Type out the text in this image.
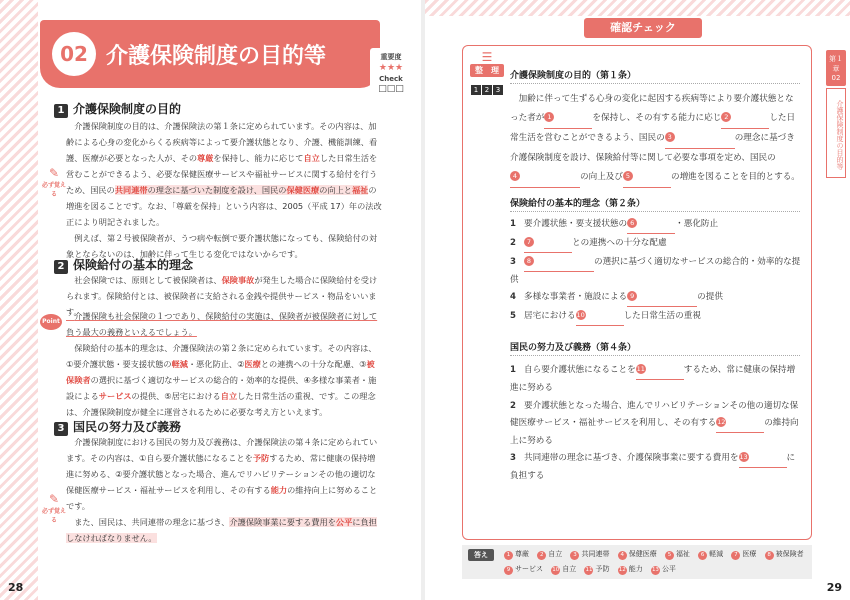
02 介護保険制度の目的等	重要度
★★★
Check
□□□
1 介護保険制度の目的
　介護保険制度の目的は、介護保険法の第１条に定められています。その内容は、加齢による心身の変化からくる疾病等によって要介護状態となり、介護、機能訓練、看護、医療が必要となった人が、その尊厳を保持し、能力に応じて自立した日常生活を営むことができるよう、必要な保健医療サービスや福祉サービスに関する給付を行うため、国民の共同連帯の理念に基づいた制度を設け、国民の保健医療の向上と福祉の増進を図ることです。なお、「尊厳を保持」という内容は、2005（平成 17）年の法改正により明記されました。
✎
必ず覚える
　例えば、第２号被保険者が、うつ病や転倒で要介護状態になっても、保険給付の対象とならないのは、加齢に伴って生じる変化ではないからです。
2 保険給付の基本的理念
　社会保険では、原則として被保険者は、保険事故が発生した場合に保険給付を受けられます。保険給付とは、被保険者に支給される金銭や提供サービス・物品をいいます。
Point
　介護保険も社会保険の１つであり、保険給付の実施は、保険者が被保険者に対して負う最大の義務といえるでしょう。
　保険給付の基本的理念は、介護保険法の第２条に定められています。その内容は、①要介護状態・要支援状態の軽減・悪化防止、②医療との連携への十分な配慮、③被保険者の選択に基づく適切なサービスの総合的・効率的な提供、④多様な事業者・施設によるサービスの提供、⑤居宅における自立した日常生活の重視、です。この理念は、介護保険制度が健全に運営されるために必要な考え方といえます。
3 国民の努力及び義務
　介護保険制度における国民の努力及び義務は、介護保険法の第４条に定められています。その内容は、①自ら要介護状態になることを予防するため、常に健康の保持増進に努める、②要介護状態となった場合、進んでリハビリテーションその他の適切な保健医療サービス・福祉サービスを利用し、その有する能力の維持向上に努めることです。
✎
必ず覚える
　	また、国民は、共同連帯の理念に基づき、介護保険事業に要する費用を公平に負担しなければなりません。
28
確認チェック
☰
整　理
1 2 3
介護保険制度の目的（第１条）
　加齢に伴って生ずる心身の変化に起因する疾病等により要介護状態となった者が 1	を保持し、その有する能力に応じ 2	した日常生活を営むことができるよう、国民の 3	の理念に基づき介護保険制度を設け、保険給付等に関して必要な事項を定め、国民の4	の向上及び 5	の増進を図ることを目的とする。
保険給付の基本的理念（第２条）
1 要介護状態・要支援状態の 6	・悪化防止
2 7	との連携への十分な配慮
3 8	の選択に基づく適切なサービスの総合的・効率的な提供
4 多様な事業者・施設による 9	の提供
5 居宅における10	した日常生活の重視
国民の努力及び義務（第４条）
1 自ら要介護状態になることを11	するため、常に健康の保持増進に努める
2 要介護状態となった場合、進んでリハビリテーションその他の適切な保健医療サービス・福祉サービスを利用し、その有する12	の維持向上に努める
3 共同連帯の理念に基づき、介護保険事業に要する費用を13	に負担する
答え	1 尊厳 2 自立 3 共同連帯 4 保健医療 5 福祉 6 軽減 7 医療 8 被保険者
9 サービス 10 自立 11 予防 12 能力 13 公平
第１章
02
介護保険制度の目的等
29
